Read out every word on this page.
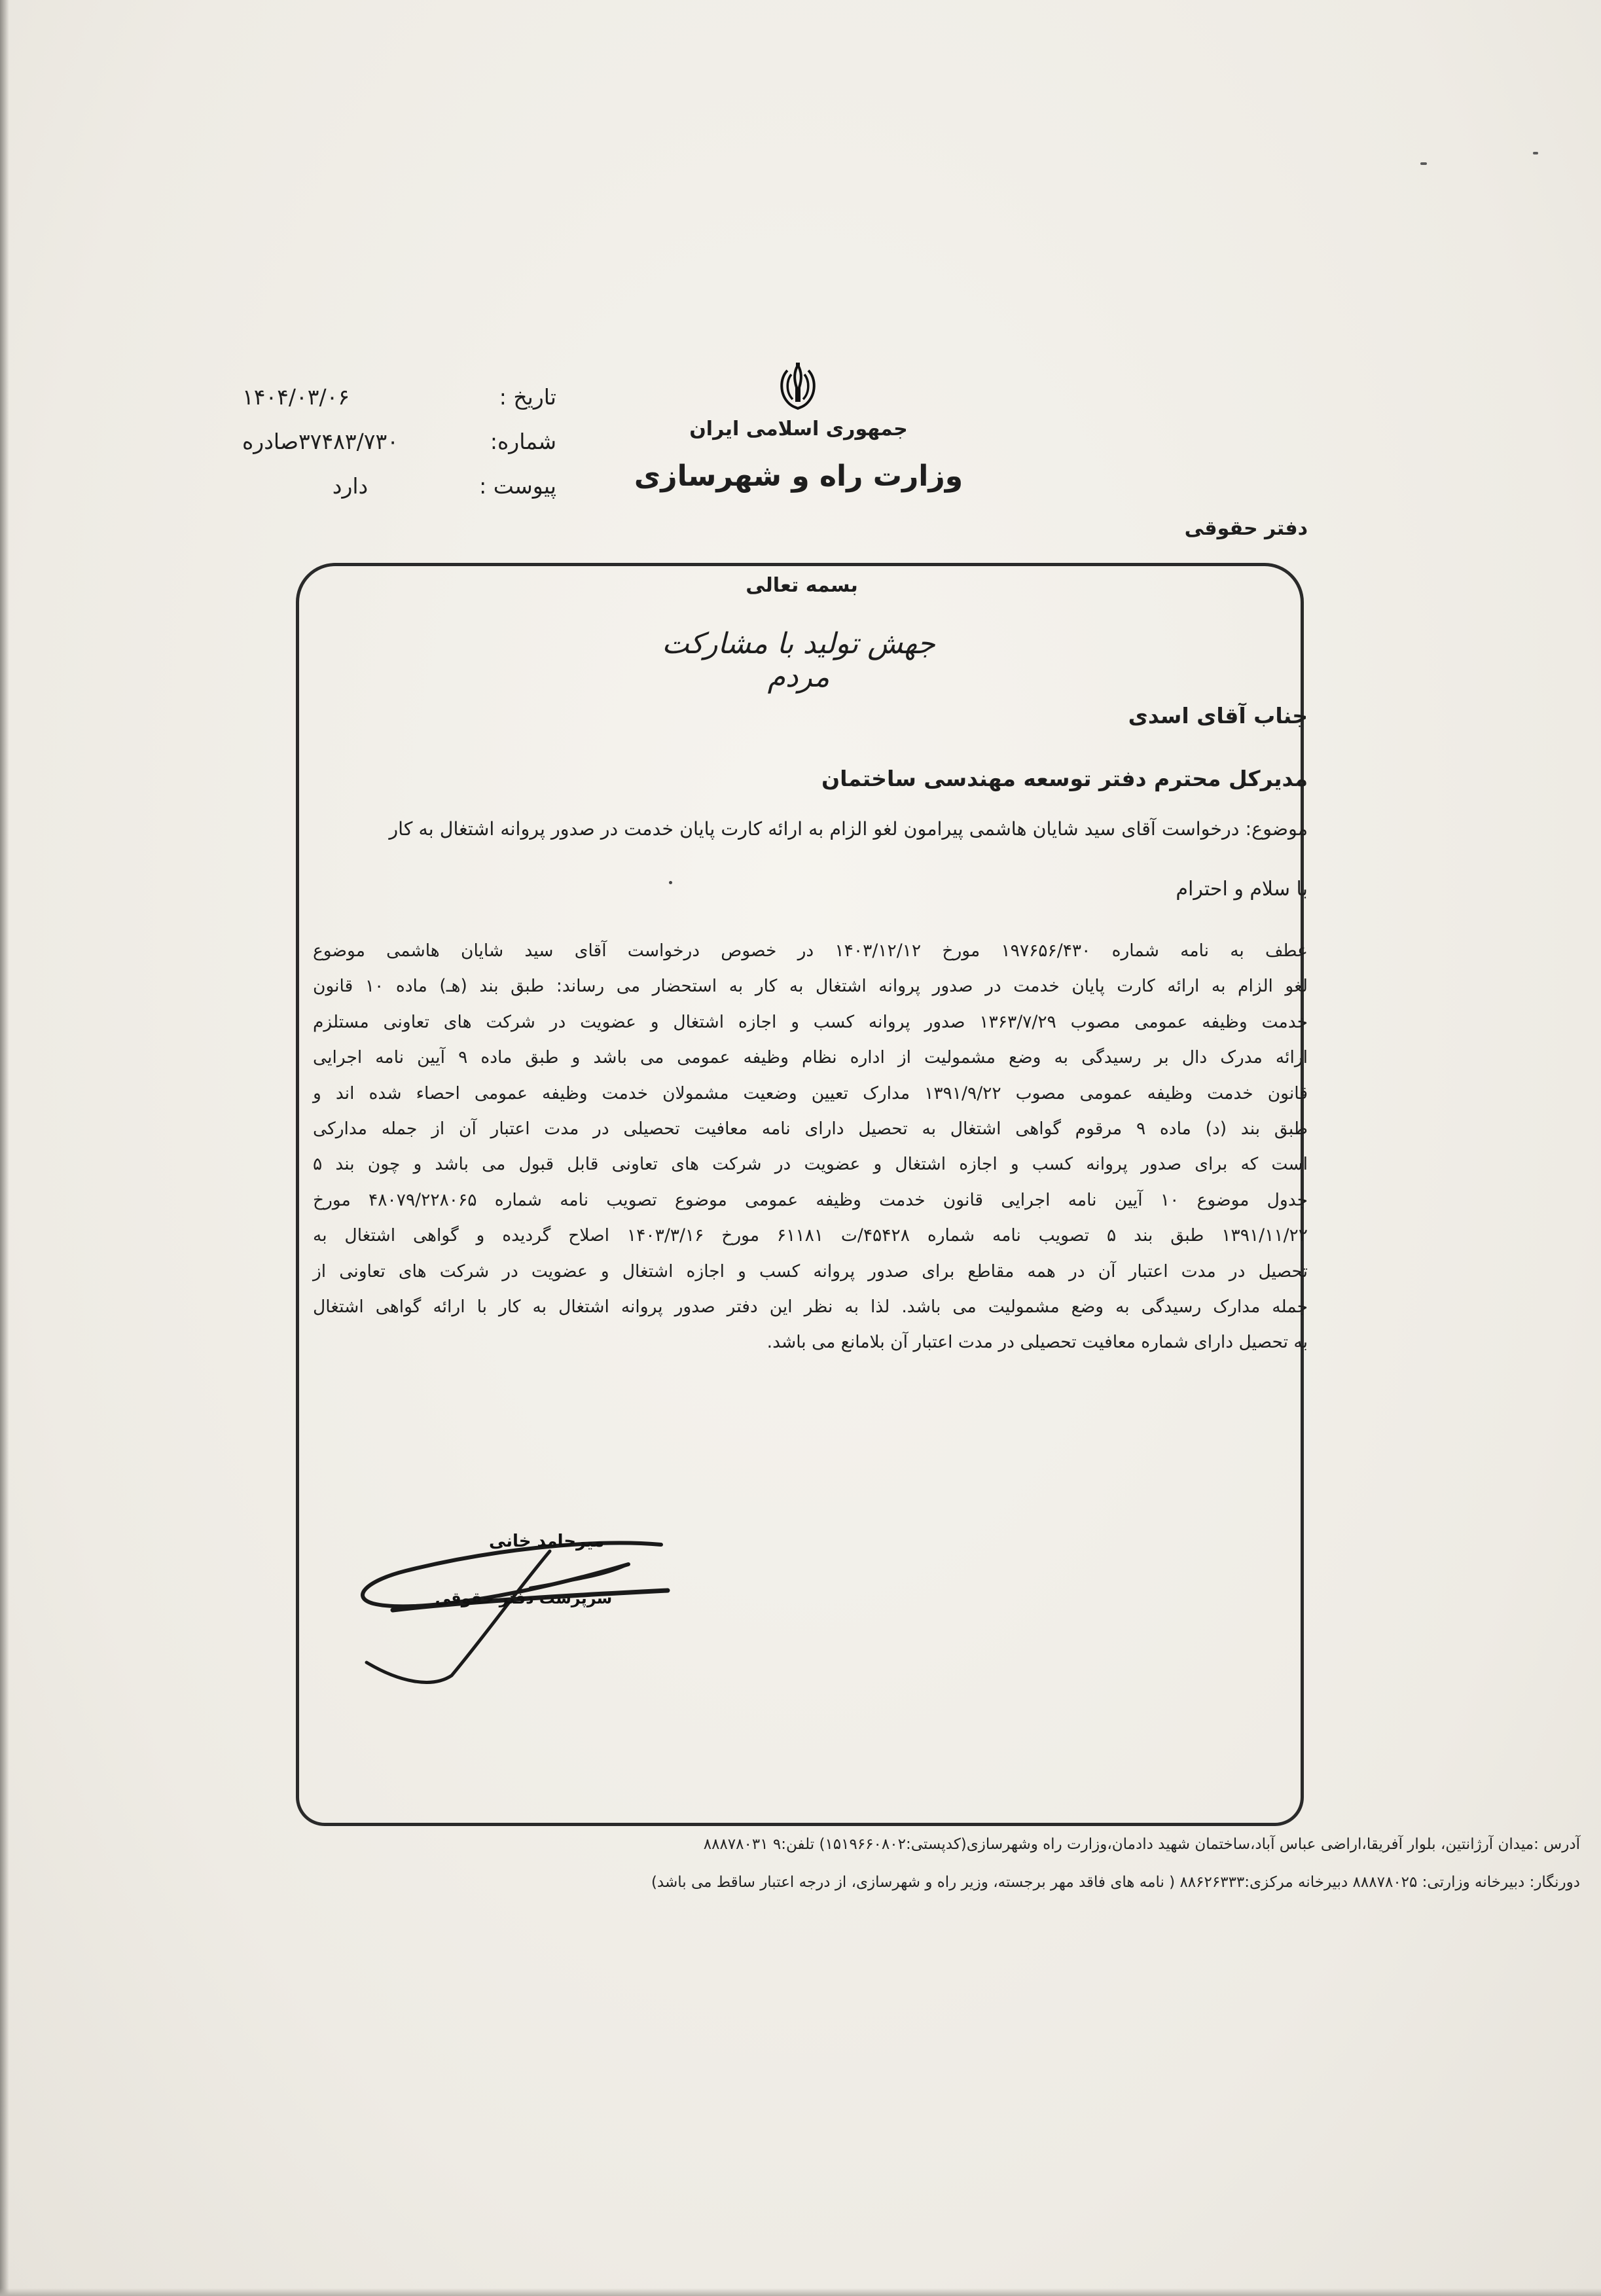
جمهوری اسلامی ایران
وزارت راه و شهرسازی
تاریخ :
۱۴۰۴/۰۳/۰۶
شماره:
۳۷۴۸۳/۷۳۰صادره
پیوست :
دارد
دفتر حقوقی
بسمه تعالی
جهش تولید با مشارکت مردم
جناب آقای اسدی
مدیرکل محترم دفتر توسعه مهندسی ساختمان
موضوع: درخواست آقای سید شایان هاشمی پیرامون لغو الزام به ارائه کارت پایان خدمت در صدور پروانه اشتغال به کار
با سلام و احترام
عطف به نامه شماره ۱۹۷۶۵۶/۴۳۰ مورخ ۱۴۰۳/۱۲/۱۲ در خصوص درخواست آقای سید شایان هاشمی موضوع
لغو الزام به ارائه کارت پایان خدمت در صدور پروانه اشتغال به کار به استحضار می رساند: طبق بند (هـ) ماده ۱۰ قانون
خدمت وظیفه عمومی مصوب ۱۳۶۳/۷/۲۹ صدور پروانه کسب و اجازه اشتغال و عضویت در شرکت های تعاونی مستلزم
ارائه مدرک دال بر رسیدگی به وضع مشمولیت از اداره نظام وظیفه عمومی می باشد و طبق ماده ۹ آیین نامه اجرایی
قانون خدمت وظیفه عمومی مصوب ۱۳۹۱/۹/۲۲ مدارک تعیین وضعیت مشمولان خدمت وظیفه عمومی احصاء شده اند و
طبق بند (د) ماده ۹ مرقوم گواهی اشتغال به تحصیل دارای نامه معافیت تحصیلی در مدت اعتبار آن از جمله مدارکی
است که برای صدور پروانه کسب و اجازه اشتغال و عضویت در شرکت های تعاونی قابل قبول می باشد و چون بند ۵
جدول موضوع ۱۰ آیین نامه اجرایی قانون خدمت وظیفه عمومی موضوع تصویب نامه شماره ۴۸۰۷۹/۲۲۸۰۶۵ مورخ
۱۳۹۱/۱۱/۲۲ طبق بند ۵ تصویب نامه شماره ۴۵۴۲۸/ت ۶۱۱۸۱ مورخ ۱۴۰۳/۳/۱۶ اصلاح گردیده و گواهی اشتغال به
تحصیل در مدت اعتبار آن در همه مقاطع برای صدور پروانه کسب و اجازه اشتغال و عضویت در شرکت های تعاونی از
جمله مدارک رسیدگی به وضع مشمولیت می باشد. لذا به نظر این دفتر صدور پروانه اشتغال به کار با ارائه گواهی اشتغال
به تحصیل دارای شماره معافیت تحصیلی در مدت اعتبار آن بلامانع می باشد.
میرحامد خانی
سرپرست دفتر حقوقی
آدرس :میدان آرژانتین، بلوار آفریقا،اراضی عباس آباد،ساختمان شهید دادمان،وزارت راه وشهرسازی(کدپستی:۱۵۱۹۶۶۰۸۰۲) تلفن:۹ ۸۸۸۷۸۰۳۱
دورنگار: دبیرخانه وزارتی: ۸۸۸۷۸۰۲۵ دبیرخانه مرکزی:۸۸۶۲۶۳۳۳ ( نامه های فاقد مهر برجسته، وزیر راه و شهرسازی، از درجه اعتبار ساقط می باشد)
